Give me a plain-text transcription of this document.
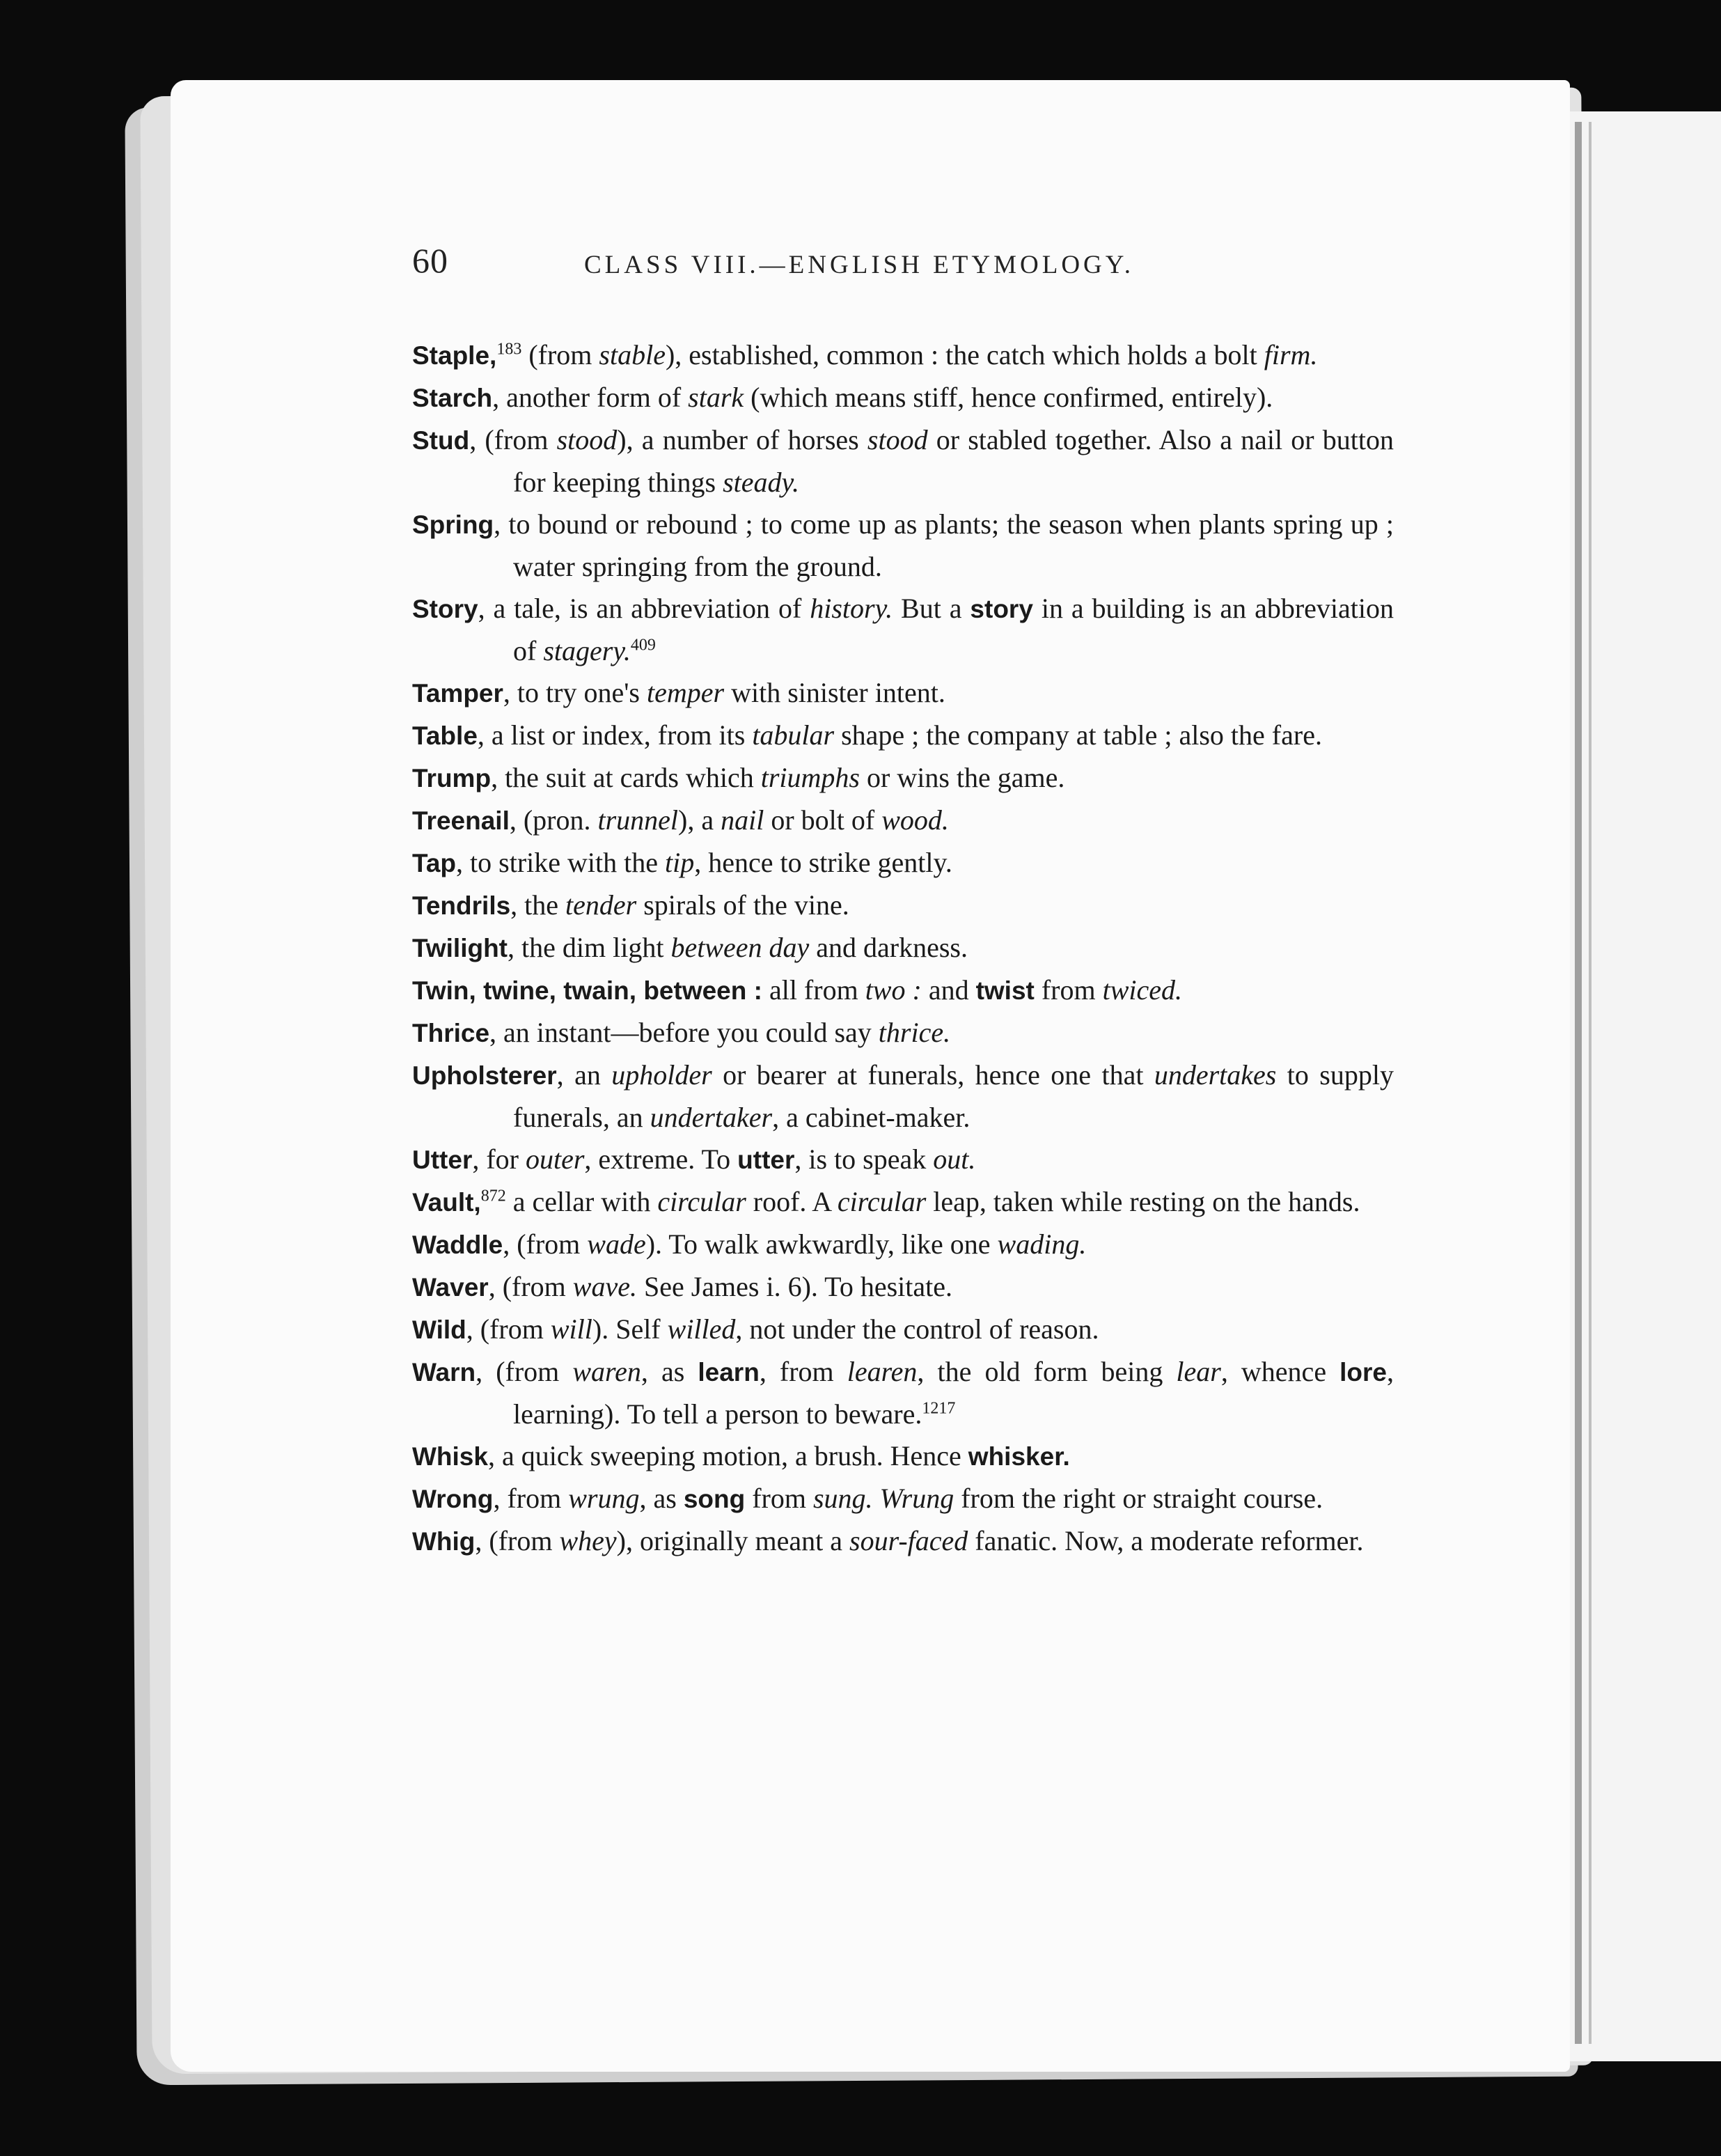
60	CLASS VIII.—ENGLISH ETYMOLOGY.
Staple,$^{183}$ (from stable), established, common : the catch which holds a bolt firm.
Starch, another form of stark (which means stiff, hence confirmed, entirely).
Stud, (from stood), a number of horses stood or stabled together. Also a nail or button for keeping things steady.
Spring, to bound or rebound ; to come up as plants; the season when plants spring up ; water springing from the ground.
Story, a tale, is an abbreviation of history. But a story in a building is an abbreviation of stagery.$^{409}$
Tamper, to try one's temper with sinister intent.
Table, a list or index, from its tabular shape ; the company at table ; also the fare.
Trump, the suit at cards which triumphs or wins the game.
Treenail, (pron. trunnel), a nail or bolt of wood.
Tap, to strike with the tip, hence to strike gently.
Tendrils, the tender spirals of the vine.
Twilight, the dim light between day and darkness.
Twin, twine, twain, between : all from two : and twist from twiced.
Thrice, an instant—before you could say thrice.
Upholsterer, an upholder or bearer at funerals, hence one that undertakes to supply funerals, an undertaker, a cabinet-maker.
Utter, for outer, extreme. To utter, is to speak out.
Vault,$^{872}$ a cellar with circular roof. A circular leap, taken while resting on the hands.
Waddle, (from wade). To walk awkwardly, like one wading.
Waver, (from wave. See James i. 6). To hesitate.
Wild, (from will). Self willed, not under the control of reason.
Warn, (from waren, as learn, from learen, the old form being lear, whence lore, learning). To tell a person to beware.$^{1217}$
Whisk, a quick sweeping motion, a brush. Hence whisker.
Wrong, from wrung, as song from sung. Wrung from the right or straight course.
Whig, (from whey), originally meant a sour-faced fanatic. Now, a moderate reformer.
